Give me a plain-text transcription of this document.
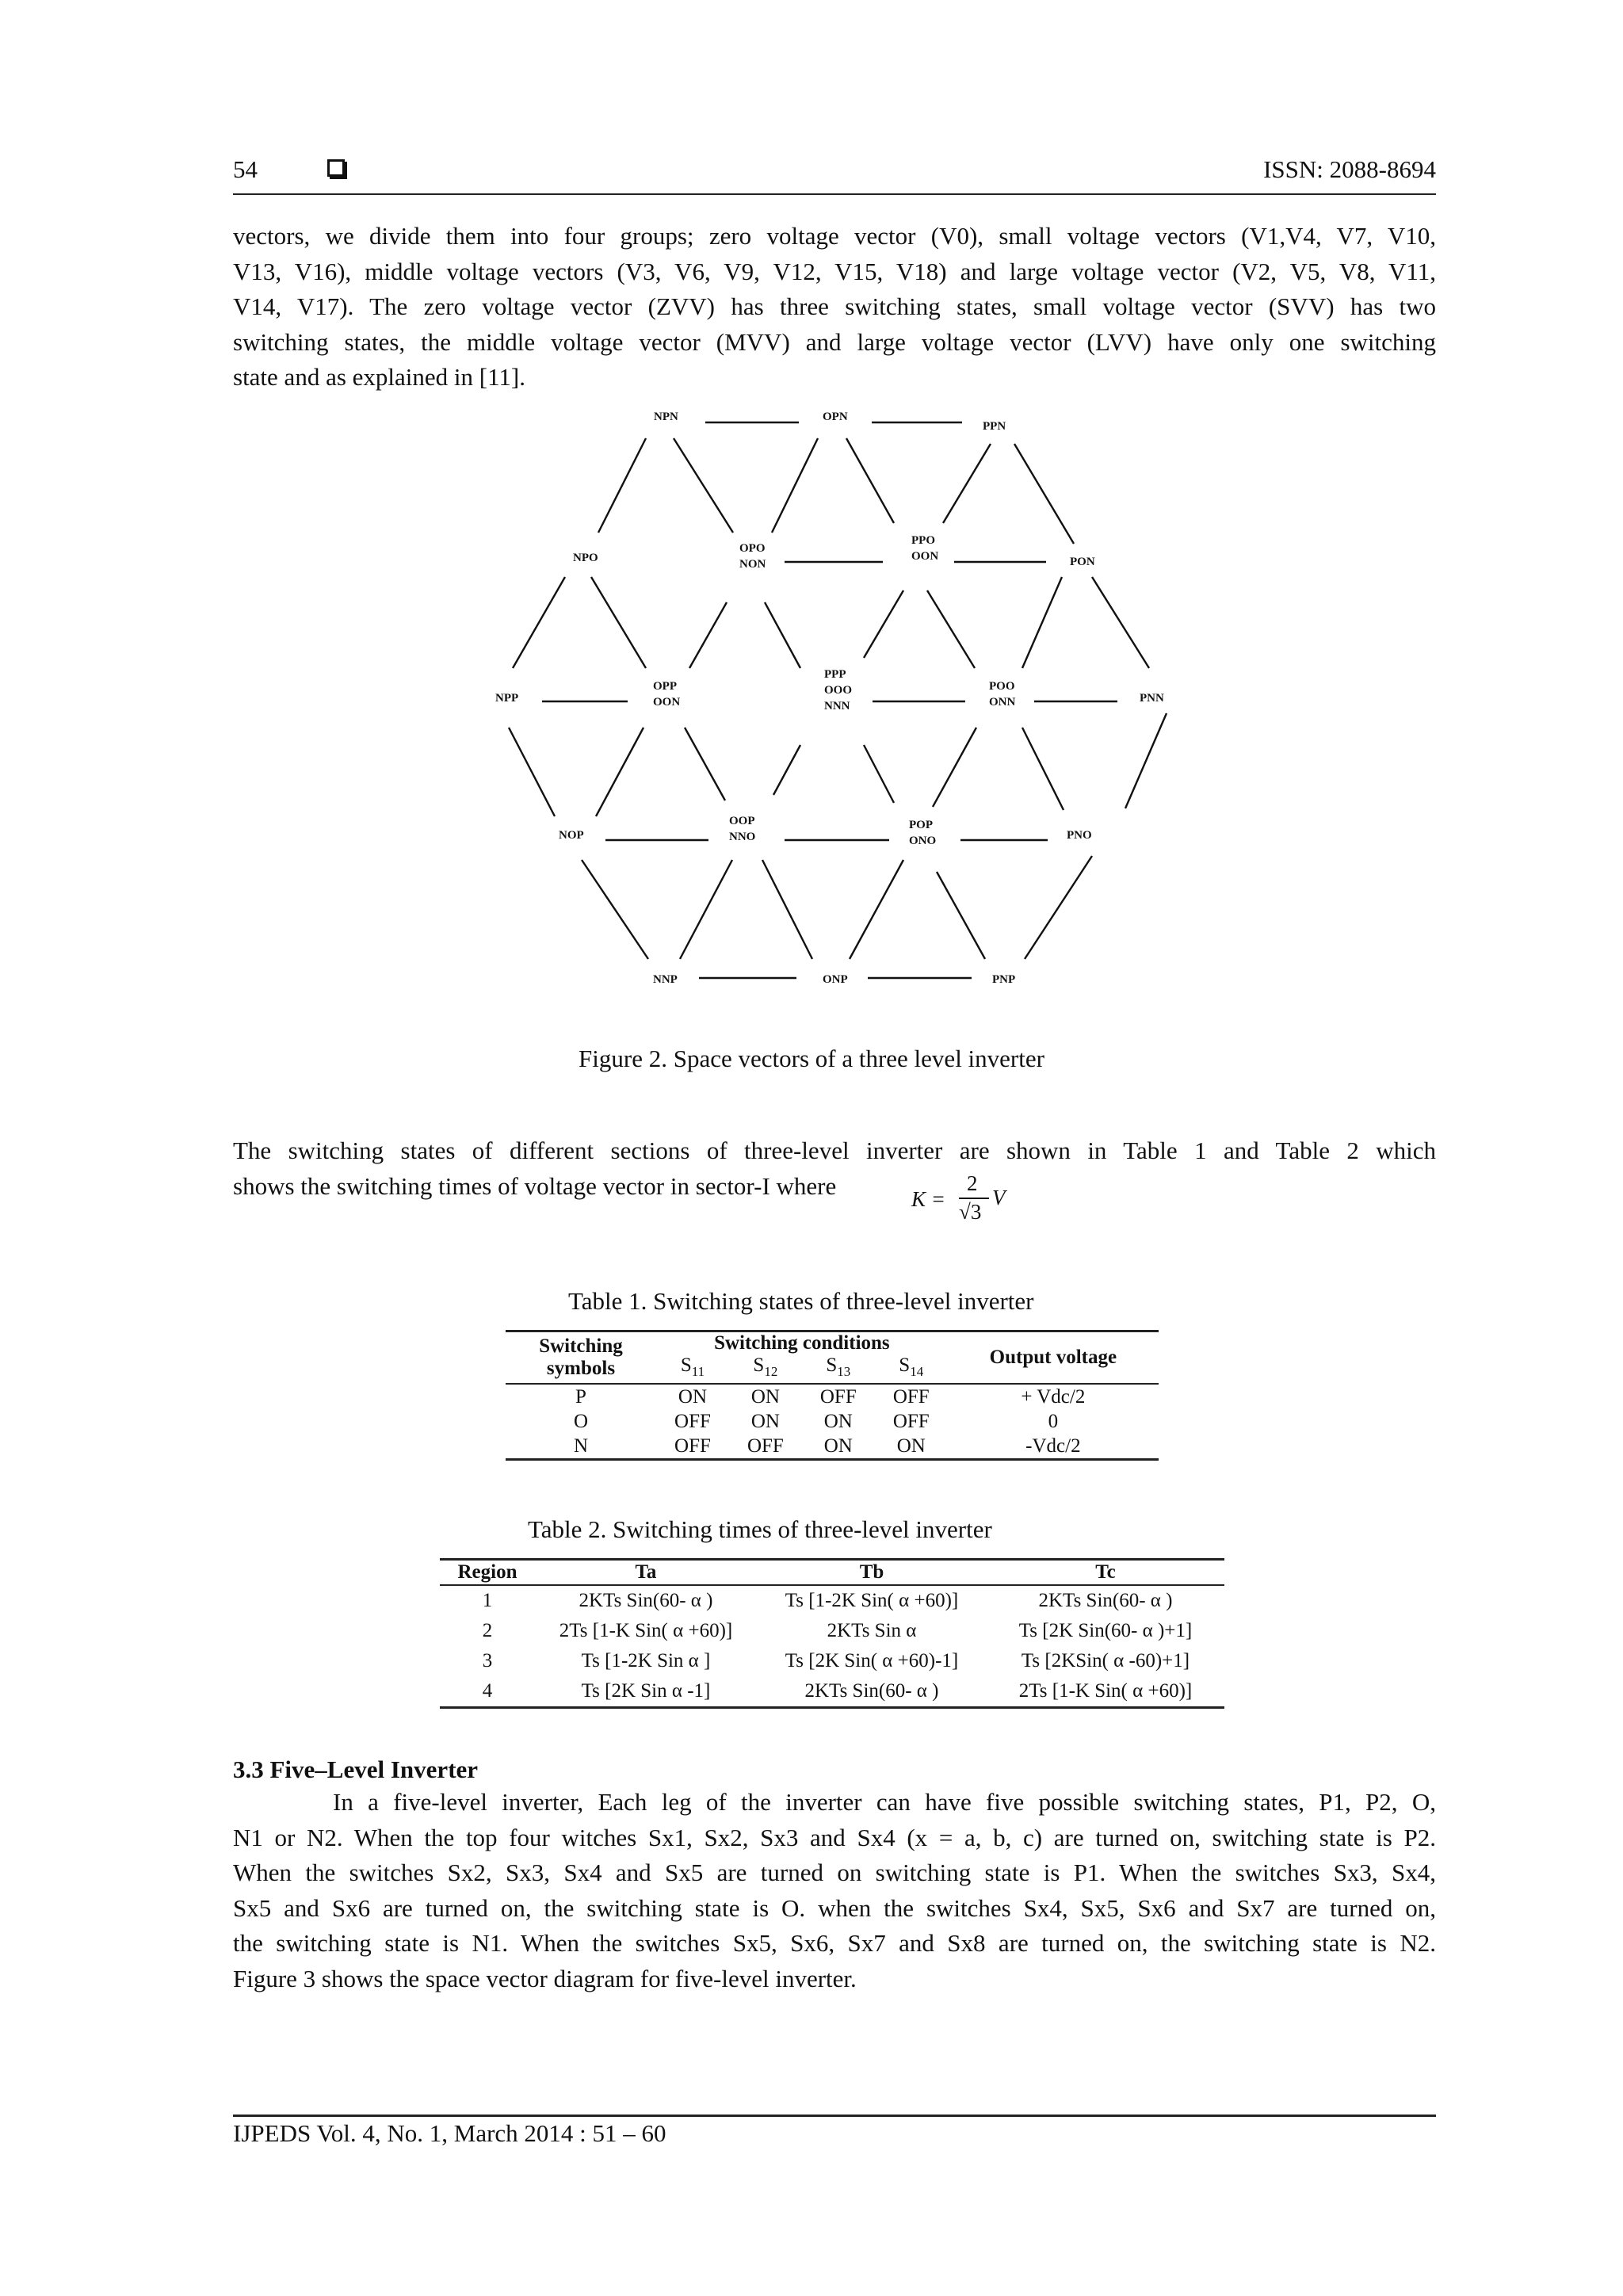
54	ISSN: 2088-8694
vectors, we divide them into four groups; zero voltage vector (V0), small voltage vectors (V1,V4, V7, V10,
V13, V16), middle voltage vectors (V3, V6, V9, V12, V15, V18) and large voltage vector (V2, V5, V8, V11,
V14, V17). The zero voltage vector (ZVV) has three switching states, small voltage vector (SVV) has two
switching states, the middle voltage vector (MVV) and large voltage vector (LVV) have only one switching
state and as explained in [11].
NPN	OPN
PPN
NPO
OPO
NON
PPO
OON	PON
NPP
OPP
OON
PPP
OOO
NNN
POO
ONN	PNN
NOP
OOP
NNO
POP
ONO	PNO
NNP	ONP	PNP
Figure 2. Space vectors of a three level inverter
The switching states of different sections of three-level inverter are shown in Table 1 and Table 2 which
shows the switching times of voltage vector in sector-I where	K =
2
√3
V
Table 1. Switching states of three-level inverter
Switching symbols	Switching conditions				Output voltage
	$S_{11}$	$S_{12}$	$S_{13}$	$S_{14}$
P	ON	ON	OFF	OFF	+ Vdc/2
O	OFF	ON	ON	OFF	0
N	OFF	OFF	ON	ON	-Vdc/2
Table 2. Switching times of three-level inverter
Region	Ta	Tb	Tc
1	2KTs Sin(60- α )	Ts [1-2K Sin( α +60)]	2KTs Sin(60- α )
2	2Ts [1-K Sin( α +60)]	2KTs Sin α	Ts [2K Sin(60- α )+1]
3	Ts [1-2K Sin α ]	Ts [2K Sin( α +60)-1]	Ts [2KSin( α -60)+1]
4	Ts [2K Sin α -1]	2KTs Sin(60- α )	2Ts [1-K Sin( α +60)]
3.3 Five–Level Inverter
In a five-level inverter, Each leg of the inverter can have five possible switching states, P1, P2, O,
N1 or N2. When the top four witches Sx1, Sx2, Sx3 and Sx4 (x = a, b, c) are turned on, switching state is P2.
When the switches Sx2, Sx3, Sx4 and Sx5 are turned on switching state is P1. When the switches Sx3, Sx4,
Sx5 and Sx6 are turned on, the switching state is O. when the switches Sx4, Sx5, Sx6 and Sx7 are turned on,
the switching state is N1. When the switches Sx5, Sx6, Sx7 and Sx8 are turned on, the switching state is N2.
Figure 3 shows the space vector diagram for five-level inverter.
IJPEDS Vol. 4, No. 1, March 2014 : 51 – 60
